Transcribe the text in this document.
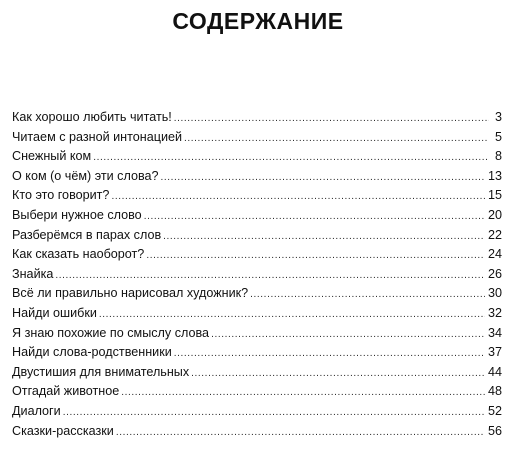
СОДЕРЖАНИЕ
Как хорошо любить читать! .....	3
Читаем с разной интонацией .....	5
Снежный ком .....	8
О ком (о чём) эти слова? .....	13
Кто это говорит? .....	15
Выбери нужное слово .....	20
Разберёмся в парах слов .....	22
Как сказать наоборот? .....	24
Знайка .....	26
Всё ли правильно нарисовал художник? .....	30
Найди ошибки .....	32
Я знаю похожие по смыслу слова .....	34
Найди слова-родственники .....	37
Двустишия для внимательных .....	44
Отгадай животное .....	48
Диалоги .....	52
Сказки-рассказки .....	56
